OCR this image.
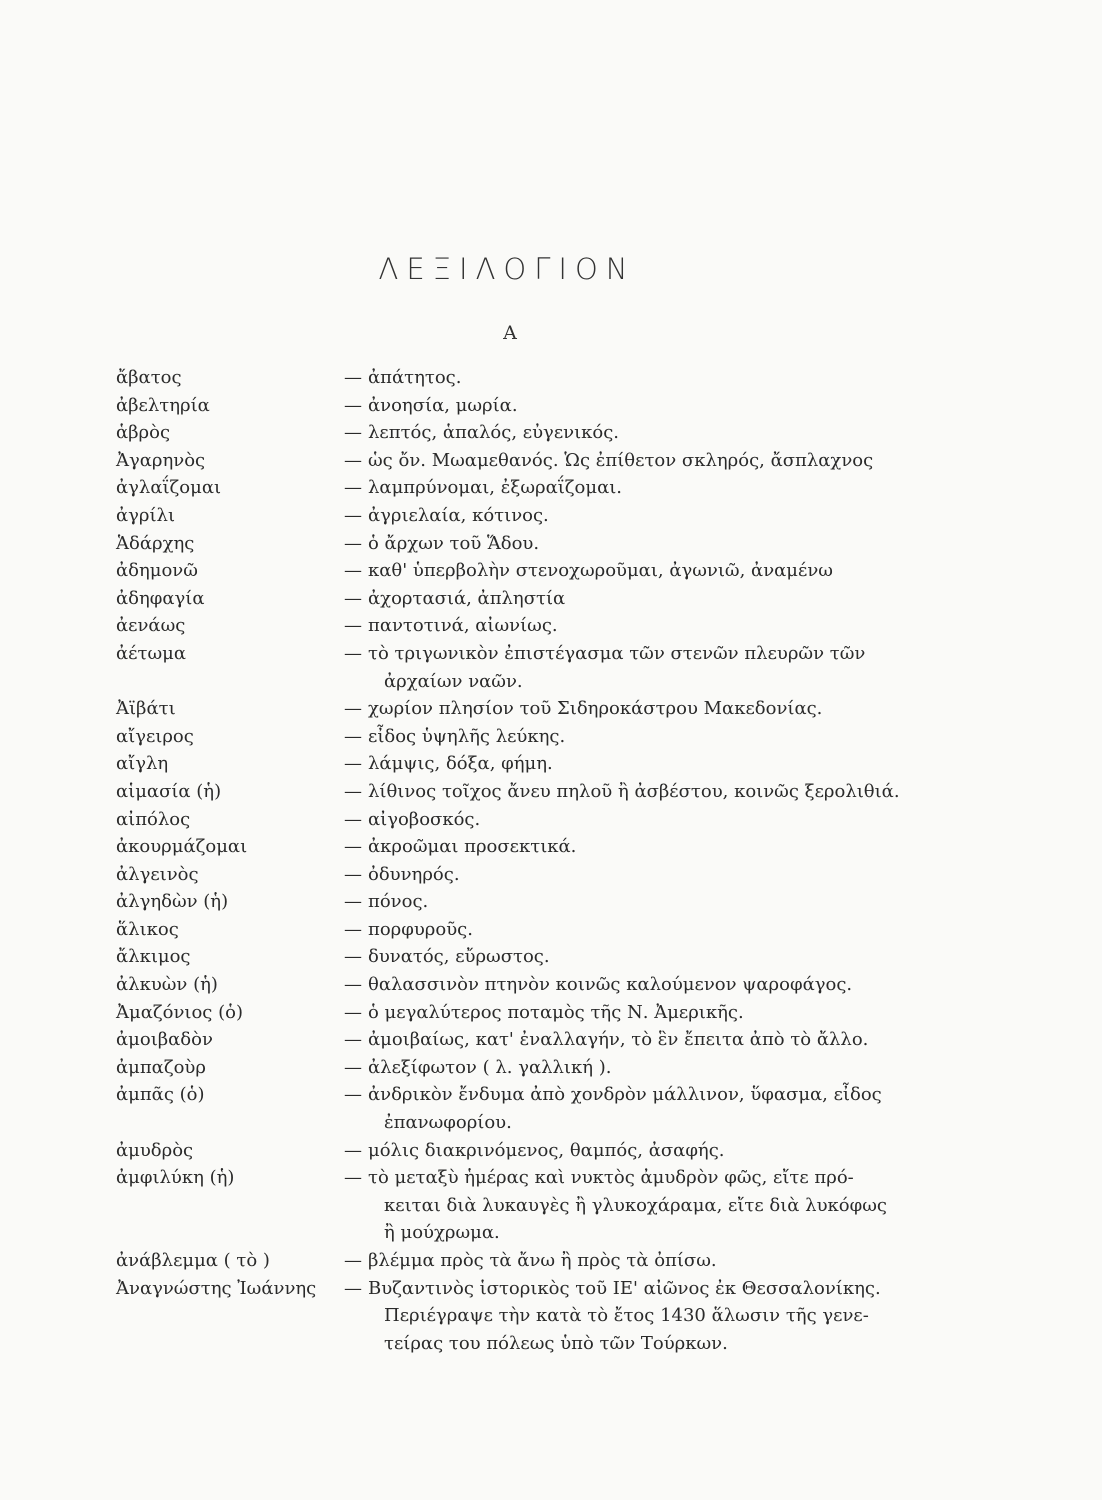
ΛΕΞΙΛΟΓΙΟΝ
Α
ἄβατος	— ἀπάτητος.
ἀβελτηρία	— ἀνοησία, μωρία.
ἁβρὸς	— λεπτός, ἁπαλός, εὐγενικός.
Ἀγαρηνὸς	— ὡς ὄν. Μωαμεθανός. Ὡς ἐπίθετον σκληρός, ἄσπλαχνος
ἀγλαΐζομαι	— λαμπρύνομαι, ἐξωραΐζομαι.
ἀγρίλι	— ἀγριελαία, κότινος.
Ἁδάρχης	— ὁ ἄρχων τοῦ Ἅδου.
ἀδημονῶ	— καθ' ὑπερβολὴν στενοχωροῦμαι, ἀγωνιῶ, ἀναμένω
ἀδηφαγία	— ἀχορτασιά, ἀπληστία
ἀενάως	— παντοτινά, αἰωνίως.
ἀέτωμα	— τὸ τριγωνικὸν ἐπιστέγασμα τῶν στενῶν πλευρῶν τῶν
ἀρχαίων ναῶν.
Ἀϊβάτι	— χωρίον πλησίον τοῦ Σιδηροκάστρου Μακεδονίας.
αἴγειρος	— εἶδος ὑψηλῆς λεύκης.
αἴγλη	— λάμψις, δόξα, φήμη.
αἱμασία (ἡ)	— λίθινος τοῖχος ἄνευ πηλοῦ ἢ ἀσβέστου, κοινῶς ξερολιθιά.
αἰπόλος	— αἰγοβοσκός.
ἀκουρμάζομαι	— ἀκροῶμαι προσεκτικά.
ἀλγεινὸς	— ὀδυνηρός.
ἀλγηδὼν (ἡ)	— πόνος.
ἅλικος	— πορφυροῦς.
ἄλκιμος	— δυνατός, εὔρωστος.
ἀλκυὼν (ἡ)	— θαλασσινὸν πτηνὸν κοινῶς καλούμενον ψαροφάγος.
Ἀμαζόνιος (ὁ)	— ὁ μεγαλύτερος ποταμὸς τῆς Ν. Ἀμερικῆς.
ἀμοιβαδὸν	— ἀμοιβαίως, κατ' ἐναλλαγήν, τὸ ἓν ἔπειτα ἀπὸ τὸ ἄλλο.
ἀμπαζοὺρ	— ἀλεξίφωτον ( λ. γαλλική ).
ἀμπᾶς (ὁ)	— ἀνδρικὸν ἔνδυμα ἀπὸ χονδρὸν μάλλινον, ὕφασμα, εἶδος
ἐπανωφορίου.
ἀμυδρὸς	— μόλις διακρινόμενος, θαμπός, ἀσαφής.
ἀμφιλύκη (ἡ)	— τὸ μεταξὺ ἡμέρας καὶ νυκτὸς ἀμυδρὸν φῶς, εἴτε πρό-
κειται διὰ λυκαυγὲς ἢ γλυκοχάραμα, εἴτε διὰ λυκόφως
ἢ μούχρωμα.
ἀνάβλεμμα ( τὸ )	— βλέμμα πρὸς τὰ ἄνω ἢ πρὸς τὰ ὀπίσω.
Ἀναγνώστης Ἰωάννης	— Βυζαντινὸς ἱστορικὸς τοῦ ΙΕ' αἰῶνος ἐκ Θεσσαλονίκης.
Περιέγραψε τὴν κατὰ τὸ ἔτος 1430 ἅλωσιν τῆς γενε-
τείρας του πόλεως ὑπὸ τῶν Τούρκων.
